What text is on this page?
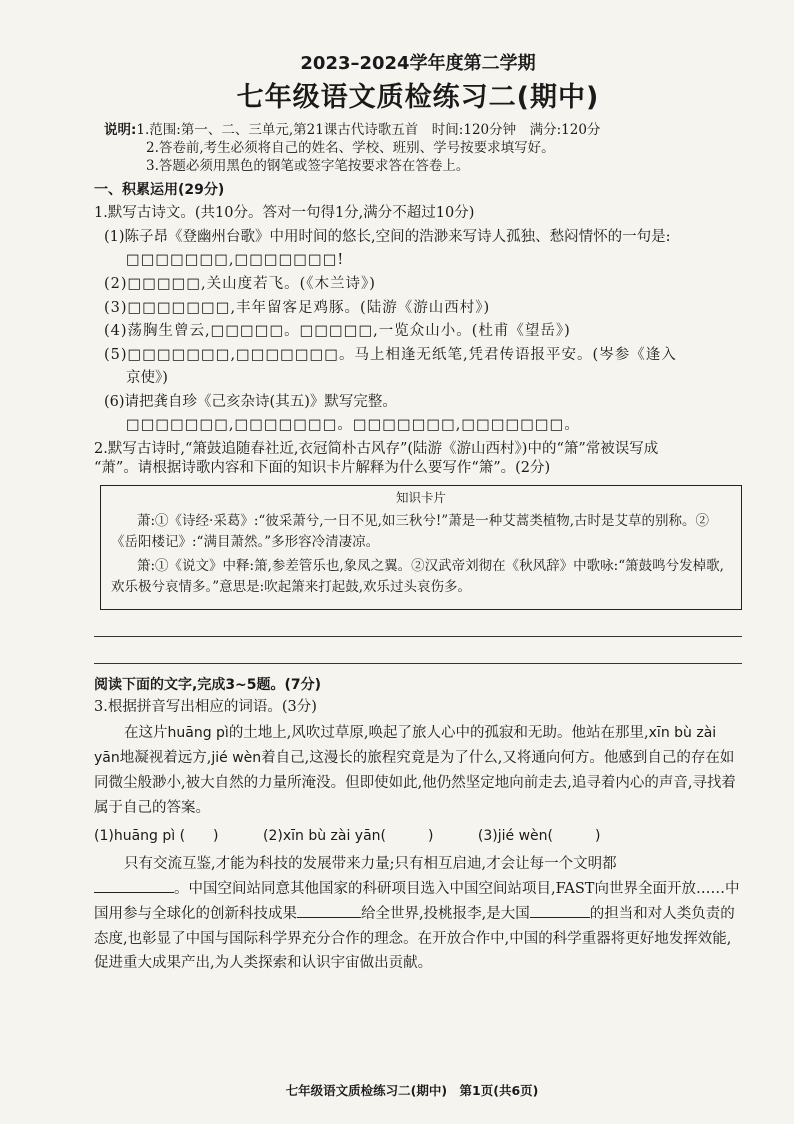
2023–2024学年度第二学期
七年级语文质检练习二(期中)

说明:1.范围:第一、二、三单元,第21课古代诗歌五首　时间:120分钟　满分:120分

2.答卷前,考生必须将自己的姓名、学校、班别、学号按要求填写好。

3.答题必须用黑色的钢笔或签字笔按要求答在答卷上。

一、积累运用(29分)
1.默写古诗文。(共10分。答对一句得1分,满分不超过10分)
(1)陈子昂《登幽州台歌》中用时间的悠长,空间的浩渺来写诗人孤独、愁闷情怀的一句是:
□□□□□□□,□□□□□□□!
(2)□□□□□,关山度若飞。(《木兰诗》)
(3)□□□□□□□,丰年留客足鸡豚。(陆游《游山西村》)
(4)荡胸生曾云,□□□□□。□□□□□,一览众山小。(杜甫《望岳》)
(5)□□□□□□□,□□□□□□□。马上相逢无纸笔,凭君传语报平安。(岑参《逢入
京使》)
(6)请把龚自珍《己亥杂诗(其五)》默写完整。
□□□□□□□,□□□□□□□。□□□□□□□,□□□□□□□。
2.默写古诗时,“箫鼓追随春社近,衣冠简朴古风存”(陆游《游山西村》)中的“箫”常被误写成
“萧”。请根据诗歌内容和下面的知识卡片解释为什么要写作“箫”。(2分)
知识卡片

萧:①《诗经·采葛》:“彼采萧兮,一日不见,如三秋兮!”萧是一种艾蒿类植物,古时是艾草的别称。②《岳阳楼记》:“满目萧然。”多形容冷清凄凉。

箫:①《说文》中释:箫,参差管乐也,象凤之翼。②汉武帝刘彻在《秋风辞》中歌咏:“箫鼓鸣兮发棹歌,欢乐极兮哀情多。”意思是:吹起箫来打起鼓,欢乐过头哀伤多。

阅读下面的文字,完成3~5题。(7分)
3.根据拼音写出相应的词语。(3分)
在这片huāng pì的土地上,风吹过草原,唤起了旅人心中的孤寂和无助。他站在那里,xīn bù zài yān地凝视着远方,jié wèn着自己,这漫长的旅程究竟是为了什么,又将通向何方。他感到自己的存在如同微尘般渺小,被大自然的力量所淹没。但即使如此,他仍然坚定地向前走去,追寻着内心的声音,寻找着属于自己的答案。
(1)huāng pì (　　)	(2)xīn bù zài yān(　　　)	(3)jié wèn(　　　)
只有交流互鉴,才能为科技的发展带来力量;只有相互启迪,才会让每一个文明都
。中国空间站同意其他国家的科研项目选入中国空间站项目,FAST向世界全面开放……中国用参与全球化的创新科技成果	给全世界,投桃报李,是大国	的担当和对人类负责的态度,也彰显了中国与国际科学界充分合作的理念。在开放合作中,中国的科学重器将更好地发挥效能,促进重大成果产出,为人类探索和认识宇宙做出贡献。
七年级语文质检练习二(期中)　第1页(共6页)
